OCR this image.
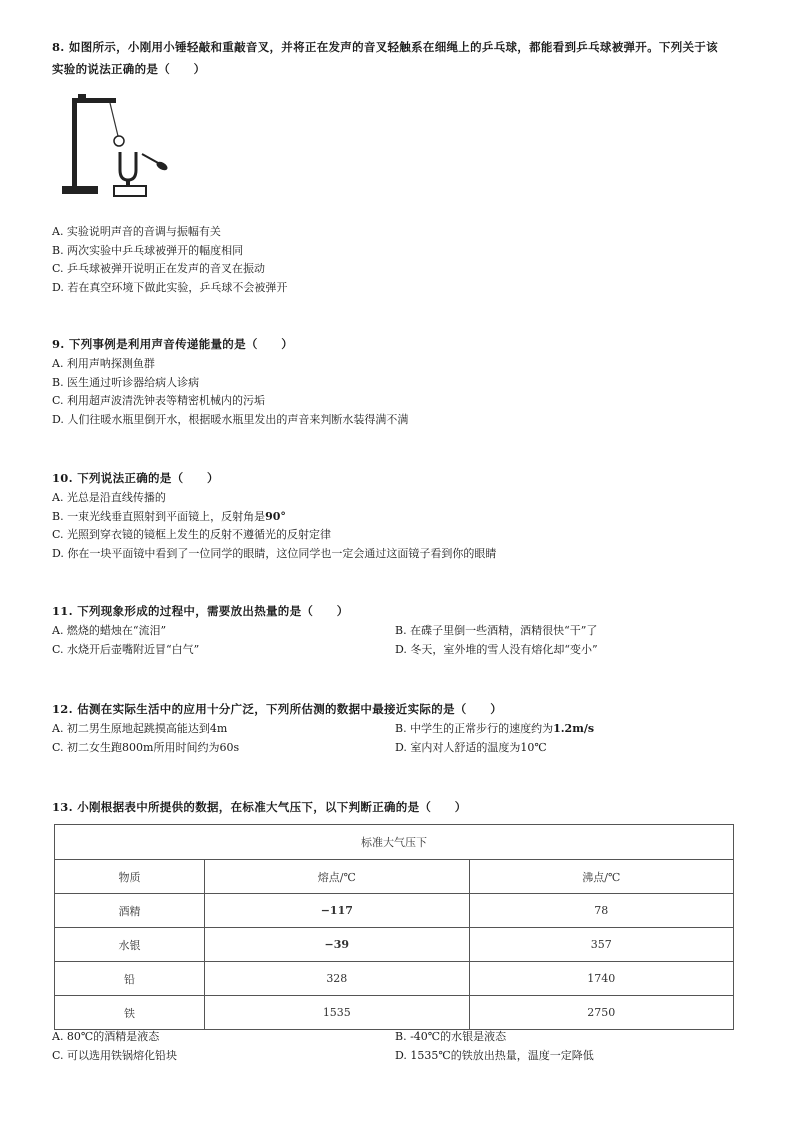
8. 如图所示，小刚用小锤轻敲和重敲音叉，并将正在发声的音叉轻触系在细绳上的乒乓球，都能看到乒乓球被弹开。下列关于该
实验的说法正确的是（　　）
A. 实验说明声音的音调与振幅有关
B. 两次实验中乒乓球被弹开的幅度相同
C. 乒乓球被弹开说明正在发声的音叉在振动
D. 若在真空环境下做此实验，乒乓球不会被弹开
9. 下列事例是利用声音传递能量的是（　　）
A. 利用声呐探测鱼群
B. 医生通过听诊器给病人诊病
C. 利用超声波清洗钟表等精密机械内的污垢
D. 人们往暖水瓶里倒开水，根据暖水瓶里发出的声音来判断水装得满不满
10. 下列说法正确的是（　　）
A. 光总是沿直线传播的
B. 一束光线垂直照射到平面镜上，反射角是90°
C. 光照到穿衣镜的镜框上发生的反射不遵循光的反射定律
D. 你在一块平面镜中看到了一位同学的眼睛，这位同学也一定会通过这面镜子看到你的眼睛
11. 下列现象形成的过程中，需要放出热量的是（　　）
A. 燃烧的蜡烛在“流泪”	B. 在碟子里倒一些酒精，酒精很快“干”了
C. 水烧开后壶嘴附近冒“白气”	D. 冬天，室外堆的雪人没有熔化却“变小”
12. 估测在实际生活中的应用十分广泛，下列所估测的数据中最接近实际的是（　　）
A. 初二男生原地起跳摸高能达到4m	B. 中学生的正常步行的速度约为1.2m/s
C. 初二女生跑800m所用时间约为60s	D. 室内对人舒适的温度为10℃
13. 小刚根据表中所提供的数据，在标准大气压下，以下判断正确的是（　　）
标准大气压下		
物质	熔点/℃	沸点/℃
酒精	−117	78
水银	−39	357
铅	328	1740
铁	1535	2750
A. 80℃的酒精是液态	B. -40℃的水银是液态
C. 可以选用铁锅熔化铅块	D. 1535℃的铁放出热量，温度一定降低
